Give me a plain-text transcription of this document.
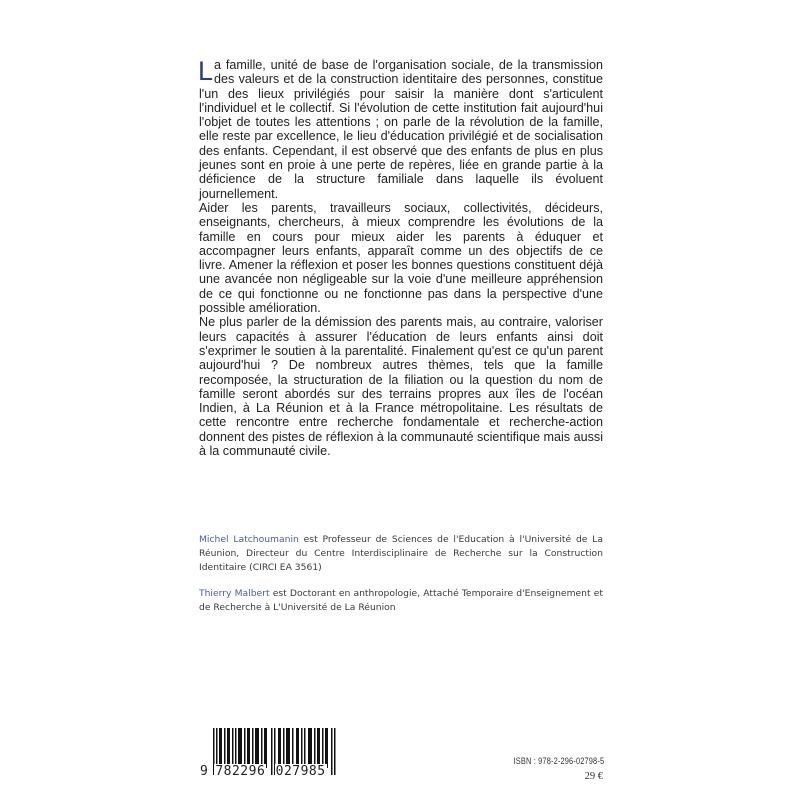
La famille, unité de base de l'organisation sociale, de la transmission des valeurs et de la construction identitaire des personnes, constitue l'un des lieux privilégiés pour saisir la manière dont s'articulent l'individuel et le collectif. Si l'évolution de cette institution fait aujourd'hui l'objet de toutes les attentions ; on parle de la révolution de la famille, elle reste par excellence, le lieu d'éducation privilégié et de socialisation des enfants. Cependant, il est observé que des enfants de plus en plus jeunes sont en proie à une perte de repères, liée en grande partie à la déficience de la structure familiale dans laquelle ils évoluent journellement.

Aider les parents, travailleurs sociaux, collectivités, décideurs, enseignants, chercheurs, à mieux comprendre les évolutions de la famille en cours pour mieux aider les parents à éduquer et accompagner leurs enfants, apparaît comme un des objectifs de ce livre. Amener la réflexion et poser les bonnes questions constituent déjà une avancée non négligeable sur la voie d'une meilleure appréhension de ce qui fonctionne ou ne fonctionne pas dans la perspective d'une possible amélioration.

Ne plus parler de la démission des parents mais, au contraire, valoriser leurs capacités à assurer l'éducation de leurs enfants ainsi doit s'exprimer le soutien à la parentalité. Finalement qu'est ce qu'un parent aujourd'hui ? De nombreux autres thèmes, tels que la famille recomposée, la structuration de la filiation ou la question du nom de famille seront abordés sur des terrains propres aux îles de l'océan Indien, à La Réunion et à la France métropolitaine. Les résultats de cette rencontre entre recherche fondamentale et recherche-action donnent des pistes de réflexion à la communauté scientifique mais aussi à la communauté civile.

Michel Latchoumanin est Professeur de Sciences de l'Education à l'Université de La Réunion, Directeur du Centre Interdisciplinaire de Recherche sur la Construction Identitaire (CIRCI EA 3561)

Thierry Malbert est Doctorant en anthropologie, Attaché Temporaire d'Enseignement et de Recherche à L'Université de La Réunion

9 782296 027985
ISBN : 978-2-296-02798-5
29 €
